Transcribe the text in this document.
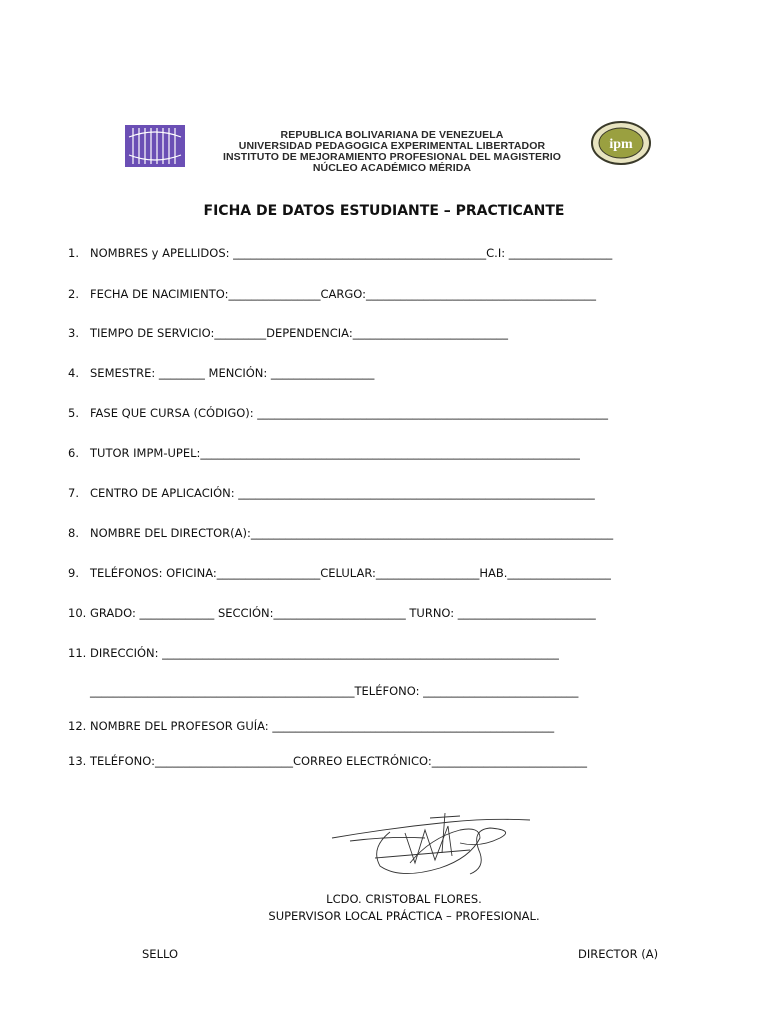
REPUBLICA BOLIVARIANA DE VENEZUELA
UNIVERSIDAD PEDAGOGICA EXPERIMENTAL LIBERTADOR
INSTITUTO DE MEJORAMIENTO PROFESIONAL DEL MAGISTERIO
NÚCLEO ACADÉMICO MÉRIDA
ipm
FICHA DE DATOS ESTUDIANTE – PRACTICANTE
1. NOMBRES y APELLIDOS: ____________________________________________C.I: __________________
2. FECHA DE NACIMIENTO:________________CARGO:________________________________________
3. TIEMPO DE SERVICIO:_________DEPENDENCIA:___________________________
4. SEMESTRE: ________ MENCIÓN: __________________
5. FASE QUE CURSA (CÓDIGO): _____________________________________________________________
6. TUTOR IMPM-UPEL:__________________________________________________________________
7. CENTRO DE APLICACIÓN: ______________________________________________________________
8. NOMBRE DEL DIRECTOR(A):_______________________________________________________________
9. TELÉFONOS: OFICINA:__________________CELULAR:__________________HAB.__________________
10. GRADO: _____________ SECCIÓN:_______________________ TURNO: ________________________
11. DIRECCIÓN: _____________________________________________________________________
______________________________________________TELÉFONO: ___________________________
12. NOMBRE DEL PROFESOR GUÍA: _________________________________________________
13. TELÉFONO:________________________CORREO ELECTRÓNICO:___________________________
LCDO. CRISTOBAL FLORES.
SUPERVISOR LOCAL PRÁCTICA – PROFESIONAL.
SELLO	DIRECTOR (A)
